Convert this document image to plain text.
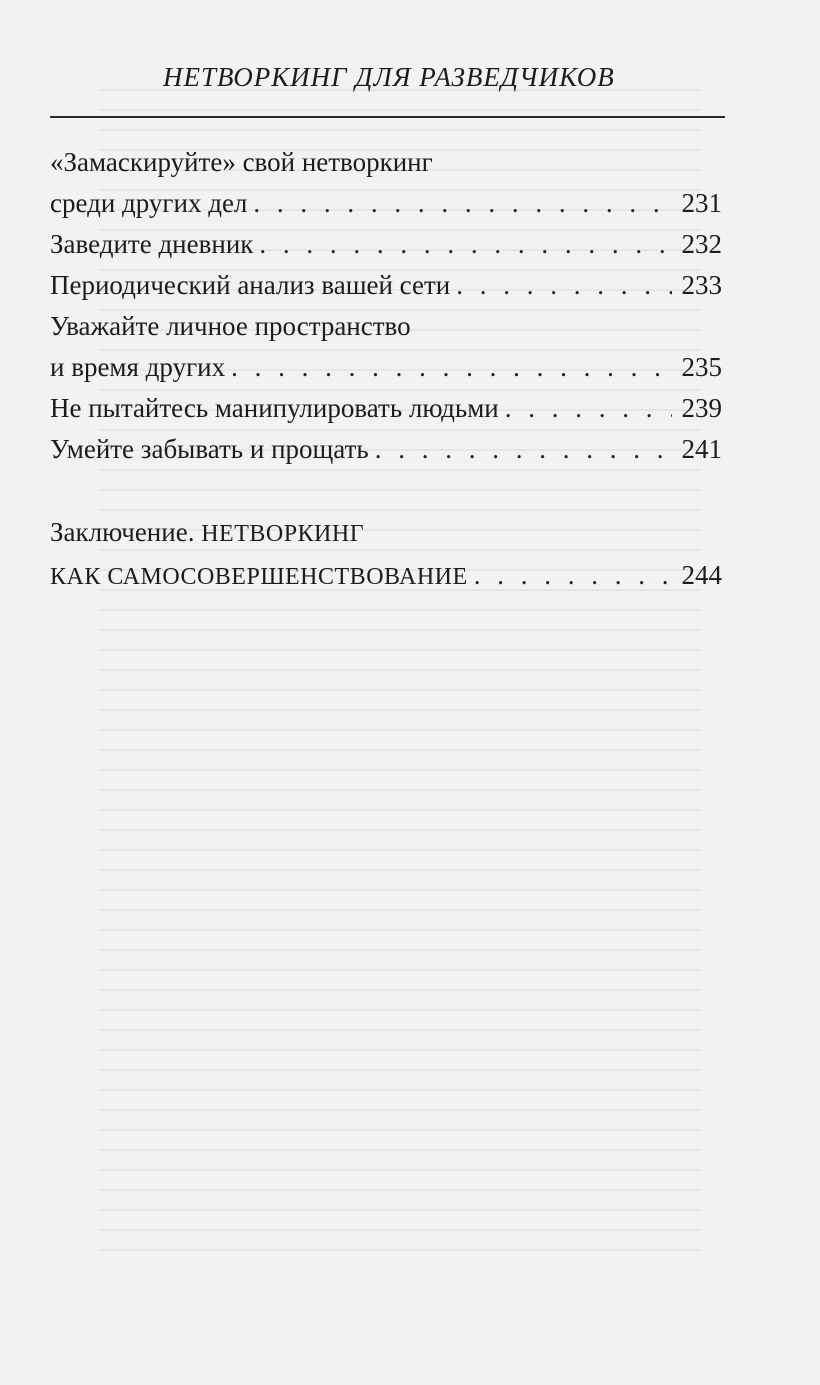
НЕТВОРКИНГ ДЛЯ РАЗВЕДЧИКОВ
«Замаскируйте» свой нетворкинг
среди других дел . . .	231
Заведите дневник . . .	232
Периодический анализ вашей сети . . .	233
Уважайте личное пространство
и время других . . .	235
Не пытайтесь манипулировать людьми . . .	239
Умейте забывать и прощать . . .	241
Заключение. НЕТВОРКИНГ
КАК САМОСОВЕРШЕНСТВОВАНИЕ . . .	244
